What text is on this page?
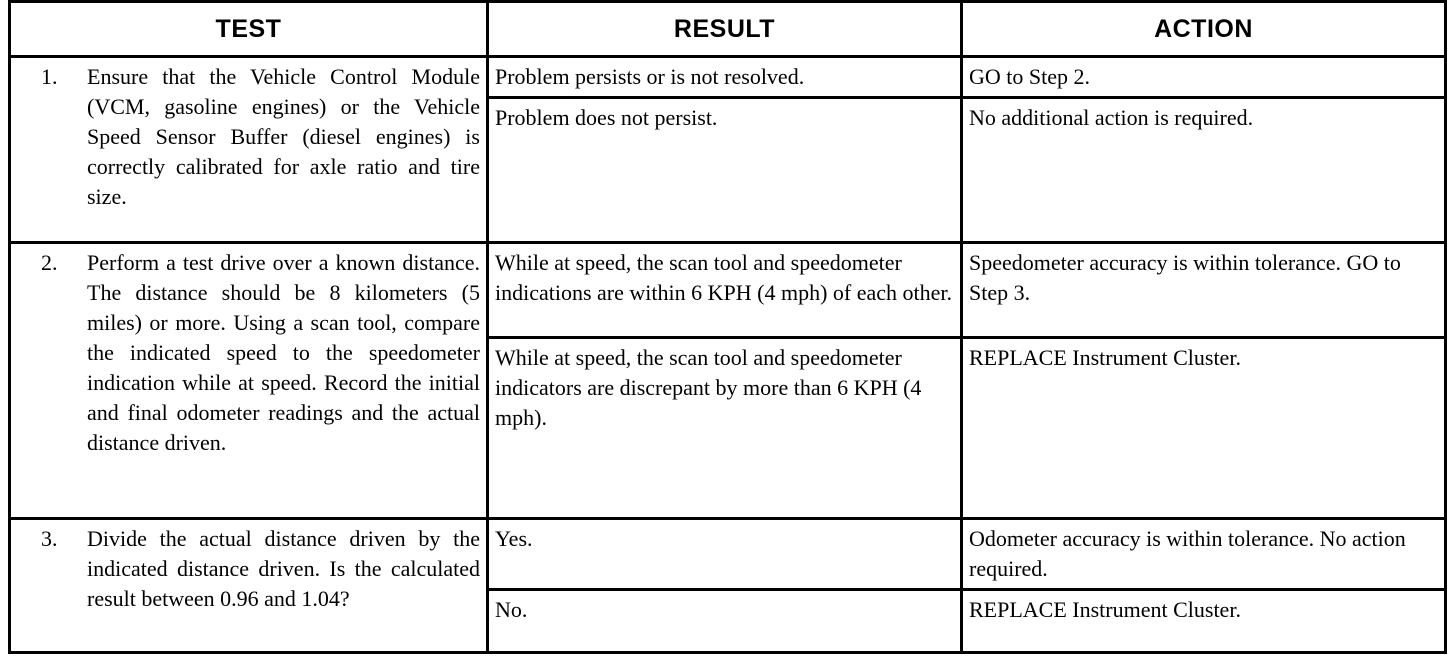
TEST	RESULT	ACTION

1. Ensure that the Vehicle Control Module (VCM, gasoline engines) or the Vehicle Speed Sensor Buffer (diesel engines) is correctly calibrated for axle ratio and tire size.	Problem persists or is not resolved.	GO to Step 2.

	Problem does not persist.	No additional action is required.

2. Perform a test drive over a known distance. The distance should be 8 kilometers (5 miles) or more. Using a scan tool, compare the indicated speed to the speedometer indication while at speed. Record the initial and final odometer readings and the actual distance driven.	While at speed, the scan tool and speedometer indications are within 6 KPH (4 mph) of each other.	Speedometer accuracy is within tolerance. GO to Step 3.

	While at speed, the scan tool and speedometer indicators are discrepant by more than 6 KPH (4 mph).	REPLACE Instrument Cluster.

3. Divide the actual distance driven by the indicated distance driven. Is the calculated result between 0.96 and 1.04?	Yes.	Odometer accuracy is within tolerance. No action required.

	No.	REPLACE Instrument Cluster.
